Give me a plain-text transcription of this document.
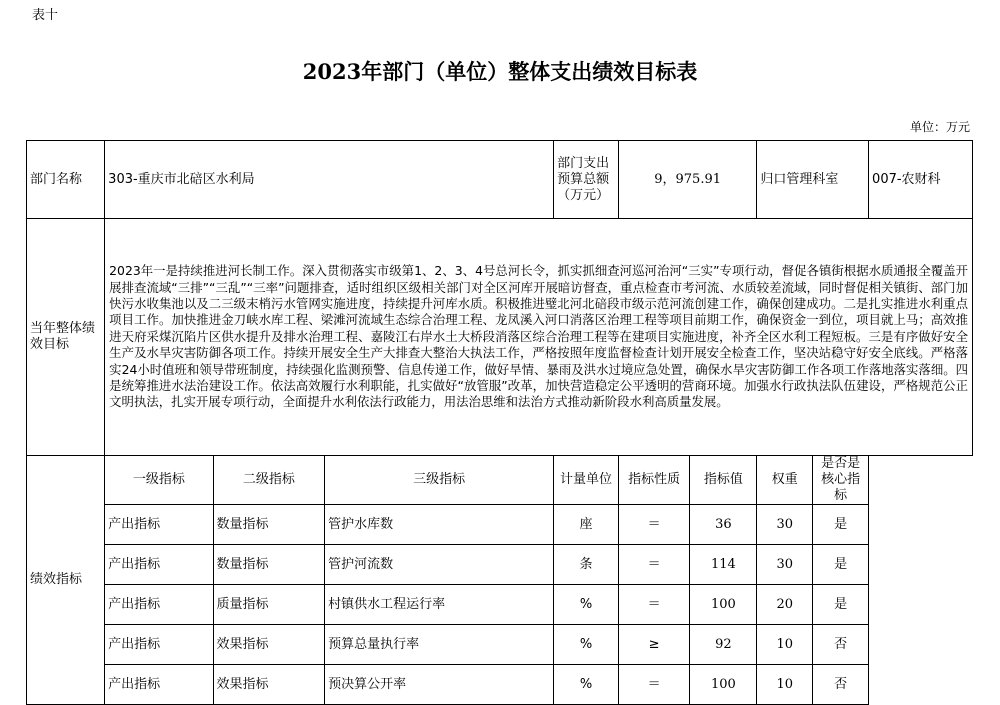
表十
2023年部门（单位）整体支出绩效目标表
单位：万元
部门名称	303-重庆市北碚区水利局			部门支出预算总额（万元）	9，975.91		归口管理科室		007-农财科
当年整体绩效目标	2023年一是持续推进河长制工作。深入贯彻落实市级第1、2、3、4号总河长令，抓实抓细查河巡河治河“三实”专项行动，督促各镇街根据水质通报全覆盖开展排查流域“三排”“三乱”“三率”问题排查，适时组织区级相关部门对全区河库开展暗访督查，重点检查市考河流、水质较差流域，同时督促相关镇街、部门加快污水收集池以及二三级末梢污水管网实施进度，持续提升河库水质。积极推进璧北河北碚段市级示范河流创建工作，确保创建成功。二是扎实推进水利重点项目工作。加快推进金刀峡水库工程、梁滩河流域生态综合治理工程、龙凤溪入河口消落区治理工程等项目前期工作，确保资金一到位，项目就上马；高效推进天府采煤沉陷片区供水提升及排水治理工程、嘉陵江右岸水土大桥段消落区综合治理工程等在建项目实施进度，补齐全区水利工程短板。三是有序做好安全生产及水旱灾害防御各项工作。持续开展安全生产大排查大整治大执法工作，严格按照年度监督检查计划开展安全检查工作，坚决站稳守好安全底线。严格落实24小时值班和领导带班制度，持续强化监测预警、信息传递工作，做好旱情、暴雨及洪水过境应急处置，确保水旱灾害防御工作各项工作落地落实落细。四是统筹推进水法治建设工作。依法高效履行水利职能，扎实做好“放管服”改革，加快营造稳定公平透明的营商环境。加强水行政执法队伍建设，严格规范公正文明执法，扎实开展专项行动，全面提升水利依法行政能力，用法治思维和法治方式推动新阶段水利高质量发展。								
绩效指标	一级指标	二级指标	三级指标	计量单位	指标性质	指标值	权重	是否是核心指标	
	产出指标	数量指标	管护水库数	座	＝	36	30	是	
	产出指标	数量指标	管护河流数	条	＝	114	30	是	
	产出指标	质量指标	村镇供水工程运行率	%	＝	100	20	是	
	产出指标	效果指标	预算总量执行率	%	≥	92	10	否	
	产出指标	效果指标	预决算公开率	%	＝	100	10	否	
